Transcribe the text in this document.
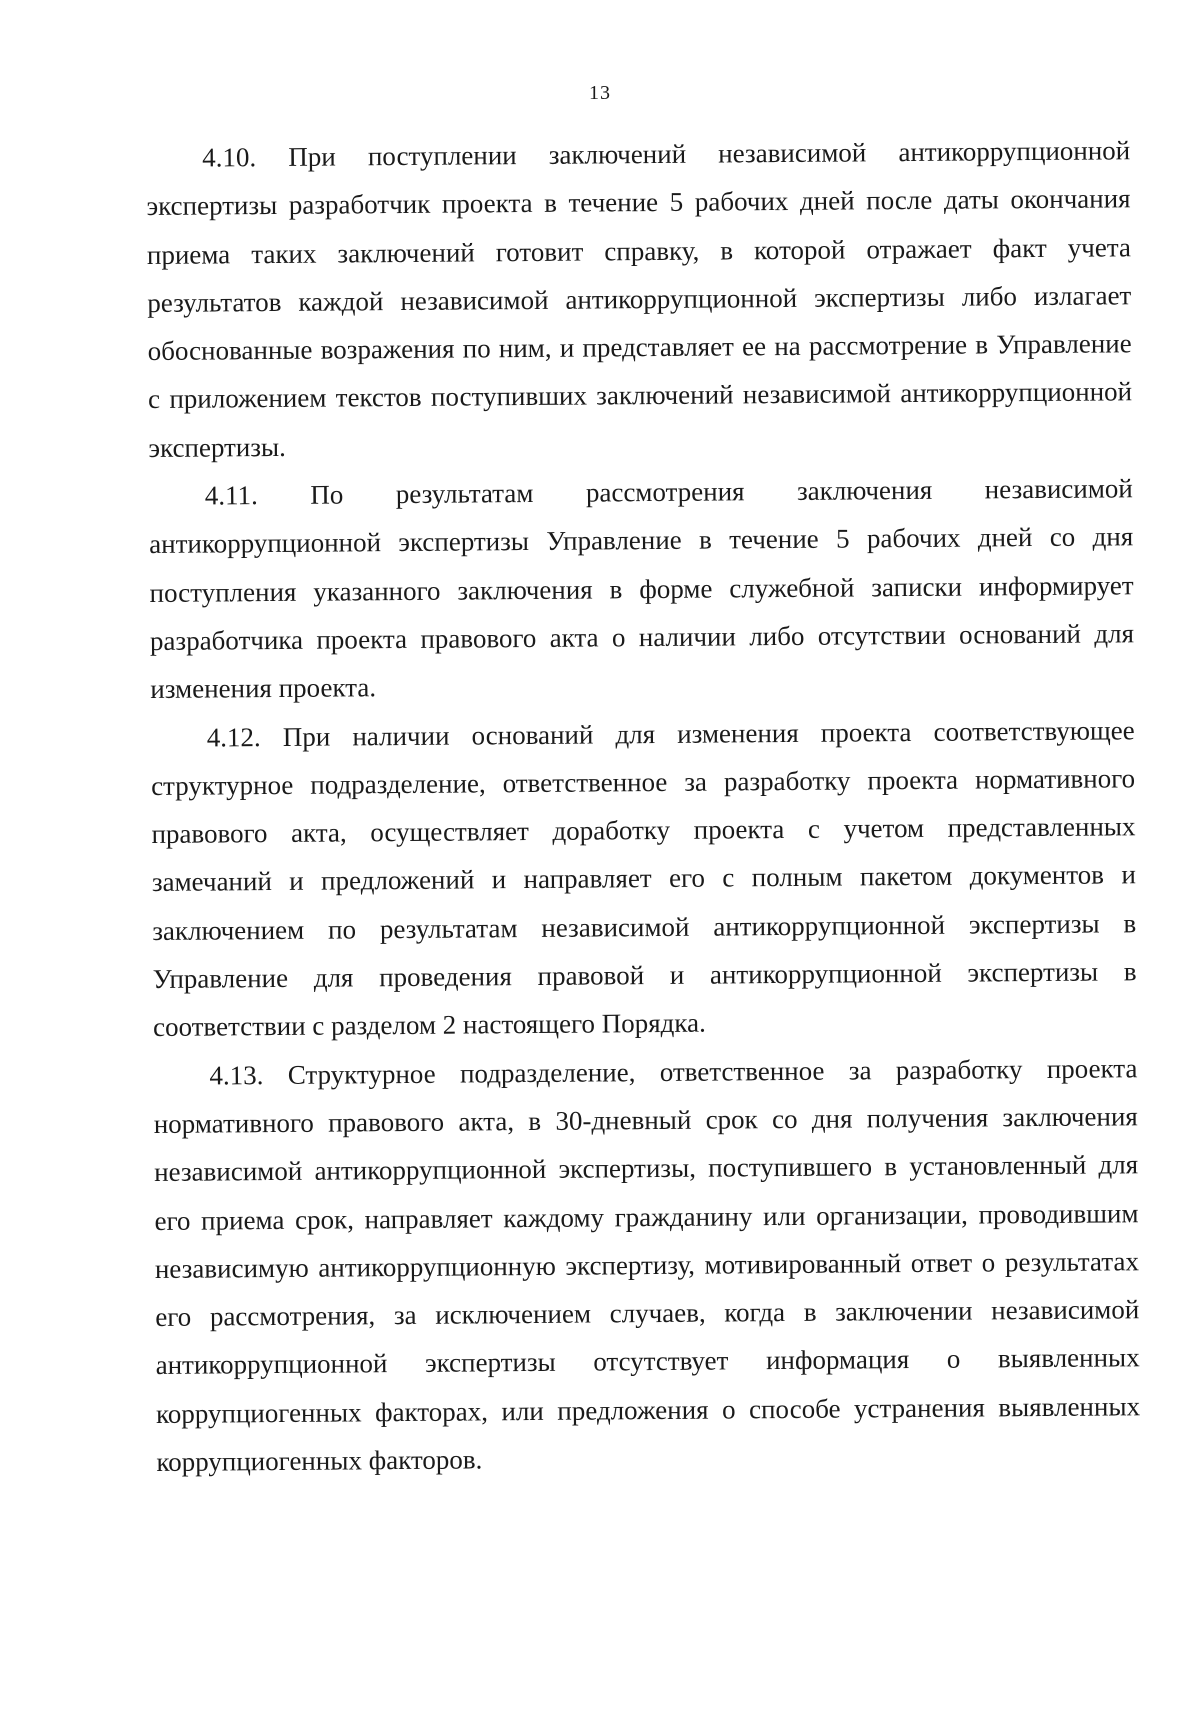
13

4.10. При поступлении заключений независимой антикоррупционной экспертизы разработчик проекта в течение 5 рабочих дней после даты окончания приема таких заключений готовит справку, в которой отражает факт учета результатов каждой независимой антикоррупционной экспертизы либо излагает обоснованные возражения по ним, и представляет ее на рассмотрение в Управление с приложением текстов поступивших заключений независимой антикоррупционной экспертизы.

4.11. По результатам рассмотрения заключения независимой антикоррупционной экспертизы Управление в течение 5 рабочих дней со дня поступления указанного заключения в форме служебной записки информирует разработчика проекта правового акта о наличии либо отсутствии оснований для изменения проекта.

4.12. При наличии оснований для изменения проекта соответствующее структурное подразделение, ответственное за разработку проекта нормативного правового акта, осуществляет доработку проекта с учетом представленных замечаний и предложений и направляет его с полным пакетом документов и заключением по результатам независимой антикоррупционной экспертизы в Управление для проведения правовой и антикоррупционной экспертизы в соответствии с разделом 2 настоящего Порядка.

4.13. Структурное подразделение, ответственное за разработку проекта нормативного правового акта, в 30-дневный срок со дня получения заключения независимой антикоррупционной экспертизы, поступившего в установленный для его приема срок, направляет каждому гражданину или организации, проводившим независимую антикоррупционную экспертизу, мотивированный ответ о результатах его рассмотрения, за исключением случаев, когда в заключении независимой антикоррупционной экспертизы отсутствует информация о выявленных коррупциогенных факторах, или предложения о способе устранения выявленных коррупциогенных факторов.
